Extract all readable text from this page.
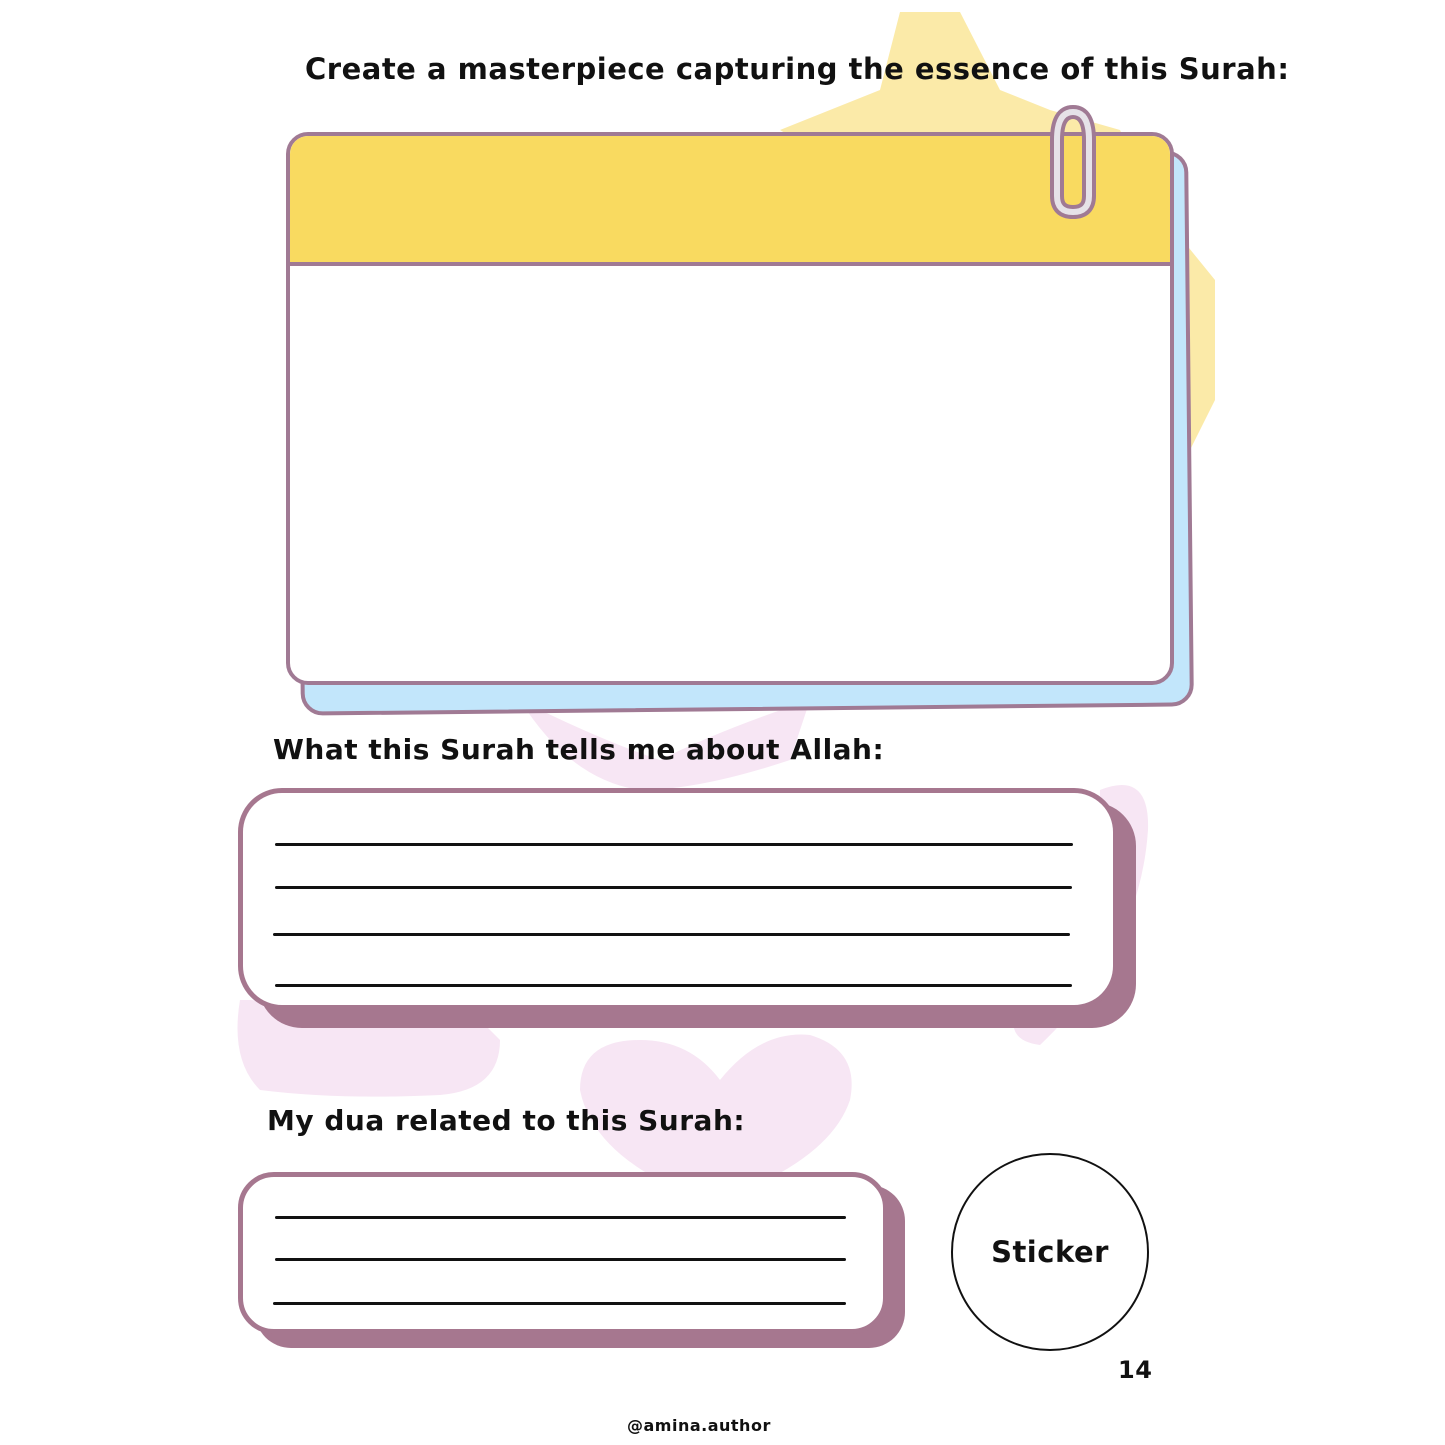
Create a masterpiece capturing the essence of this Surah:
What this Surah tells me about Allah:
My dua related to this Surah:
Sticker
14
@amina.author
